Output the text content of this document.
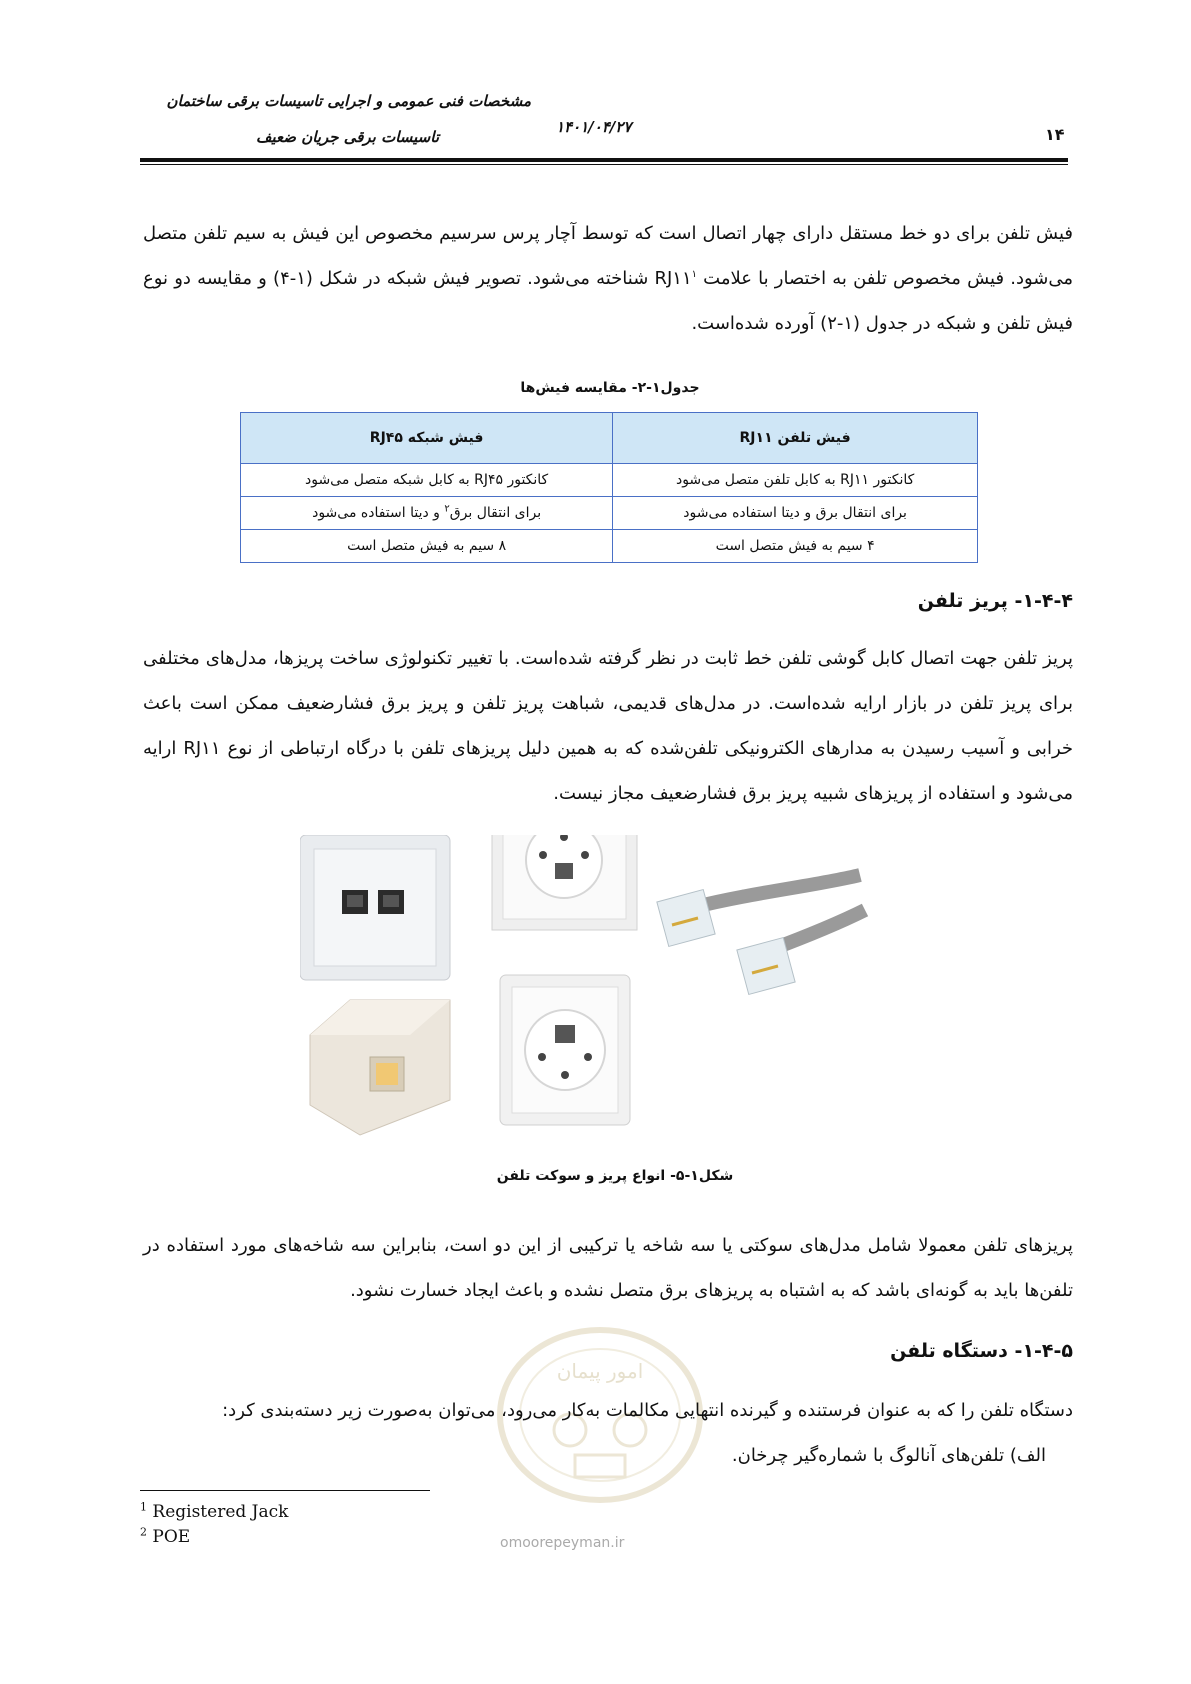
مشخصات فنی عمومی و اجرایی تاسیسات برقی ساختمان
تاسیسات برقی جریان ضعیف
۱۴۰۱/۰۴/۲۷	۱۴
فیش تلفن برای دو خط مستقل دارای چهار اتصال است که توسط آچار پرس سرسیم مخصوص این فیش به سیم تلفن متصل می‌شود. فیش مخصوص تلفن به اختصار با علامت $RJ۱۱^۱$ شناخته می‌شود. تصویر فیش شبکه در شکل (۱-۴) و مقایسه دو نوع فیش تلفن و شبکه در جدول (۱-۲) آورده شده‌است.
جدول۱-۲- مقایسه فیش‌ها
فیش تلفن RJ۱۱	فیش شبکه RJ۴۵
کانکتور RJ۱۱ به کابل تلفن متصل می‌شود	کانکتور RJ۴۵ به کابل شبکه متصل می‌شود
برای انتقال برق و دیتا استفاده می‌شود	برای انتقال برق$^۲$ و دیتا استفاده می‌شود
۴ سیم به فیش متصل است	۸ سیم به فیش متصل است
۱-۴-۴- پریز تلفن
پریز تلفن جهت اتصال کابل گوشی تلفن خط ثابت در نظر گرفته شده‌است. با تغییر تکنولوژی ساخت پریزها، مدل‌های مختلفی برای پریز تلفن در بازار ارایه شده‌است. در مدل‌های قدیمی، شباهت پریز تلفن و پریز برق فشارضعیف ممکن است باعث خرابی و آسیب رسیدن به مدارهای الکترونیکی تلفن‌شده که به همین دلیل پریزهای تلفن با درگاه ارتباطی از نوع RJ۱۱ ارایه می‌شود و استفاده از پریزهای شبیه پریز برق فشارضعیف مجاز نیست.
شکل۱-۵- انواع پریز و سوکت تلفن
پریزهای تلفن معمولا شامل مدل‌های سوکتی یا سه شاخه یا ترکیبی از این دو است، بنابراین سه شاخه‌های مورد استفاده در تلفن‌ها باید به گونه‌ای باشد که به اشتباه به پریزهای برق متصل نشده و باعث ایجاد خسارت نشود.
امور پیمان
omoorepeyman.ir
۱-۴-۵- دستگاه تلفن
دستگاه تلفن را که به عنوان فرستنده و گیرنده انتهایی مکالمات به‌کار می‌رود، می‌توان به‌صورت زیر دسته‌بندی کرد:
الف) تلفن‌های آنالوگ با شماره‌گیر چرخان.
$^1$ Registered Jack
$^2$ POE
